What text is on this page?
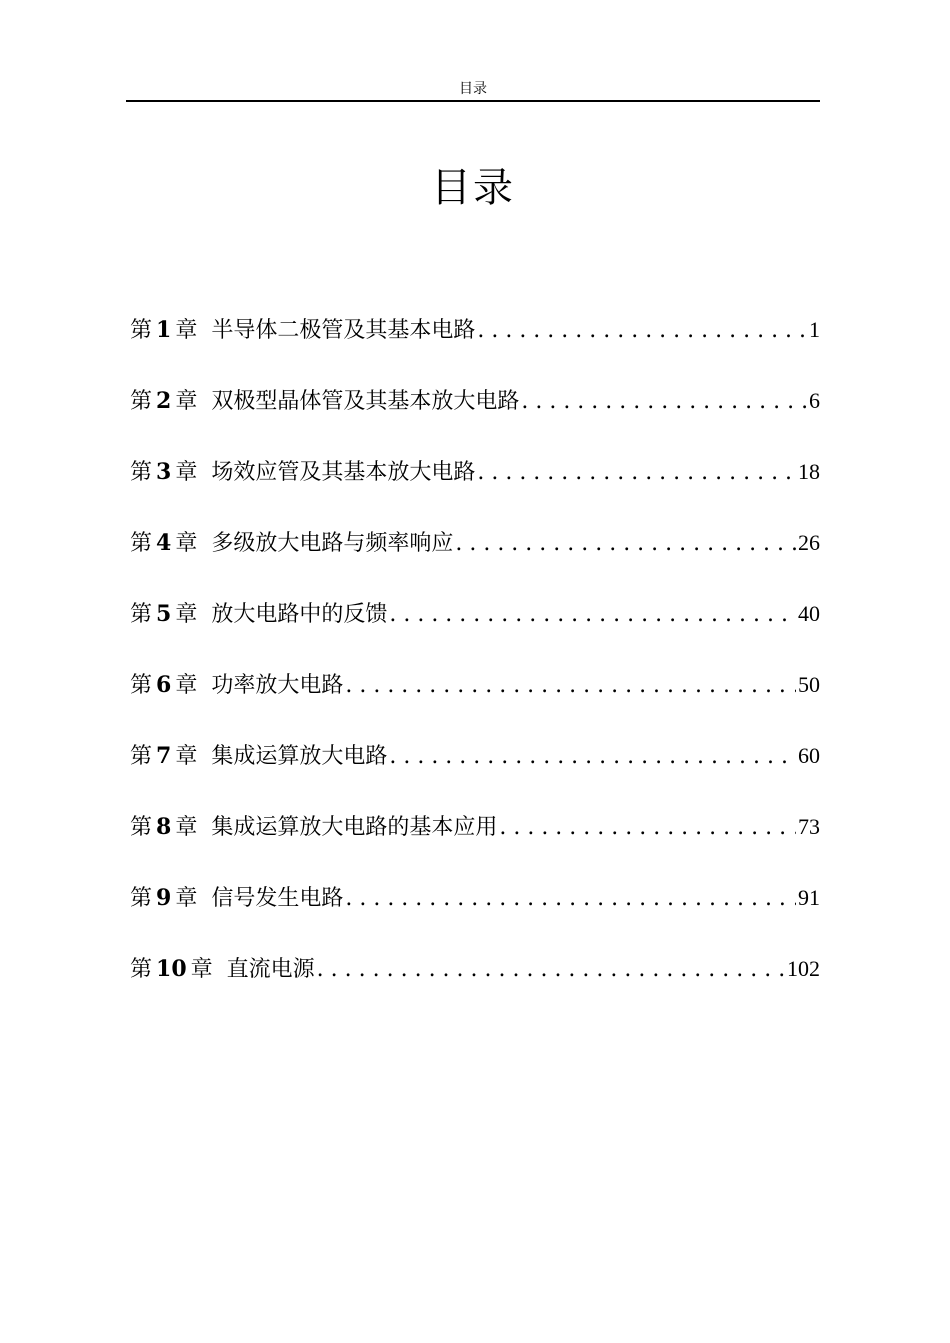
目录
目录
第 1 章 半导体二极管及其基本电路 . . .	1
第 2 章 双极型晶体管及其基本放大电路 . . .	6
第 3 章 场效应管及其基本放大电路 . . .	18
第 4 章 多级放大电路与频率响应 . . .	26
第 5 章 放大电路中的反馈 . . .	40
第 6 章 功率放大电路 . . .	50
第 7 章 集成运算放大电路 . . .	60
第 8 章 集成运算放大电路的基本应用 . . .	73
第 9 章 信号发生电路 . . .	91
第 10 章 直流电源 . . .	102
